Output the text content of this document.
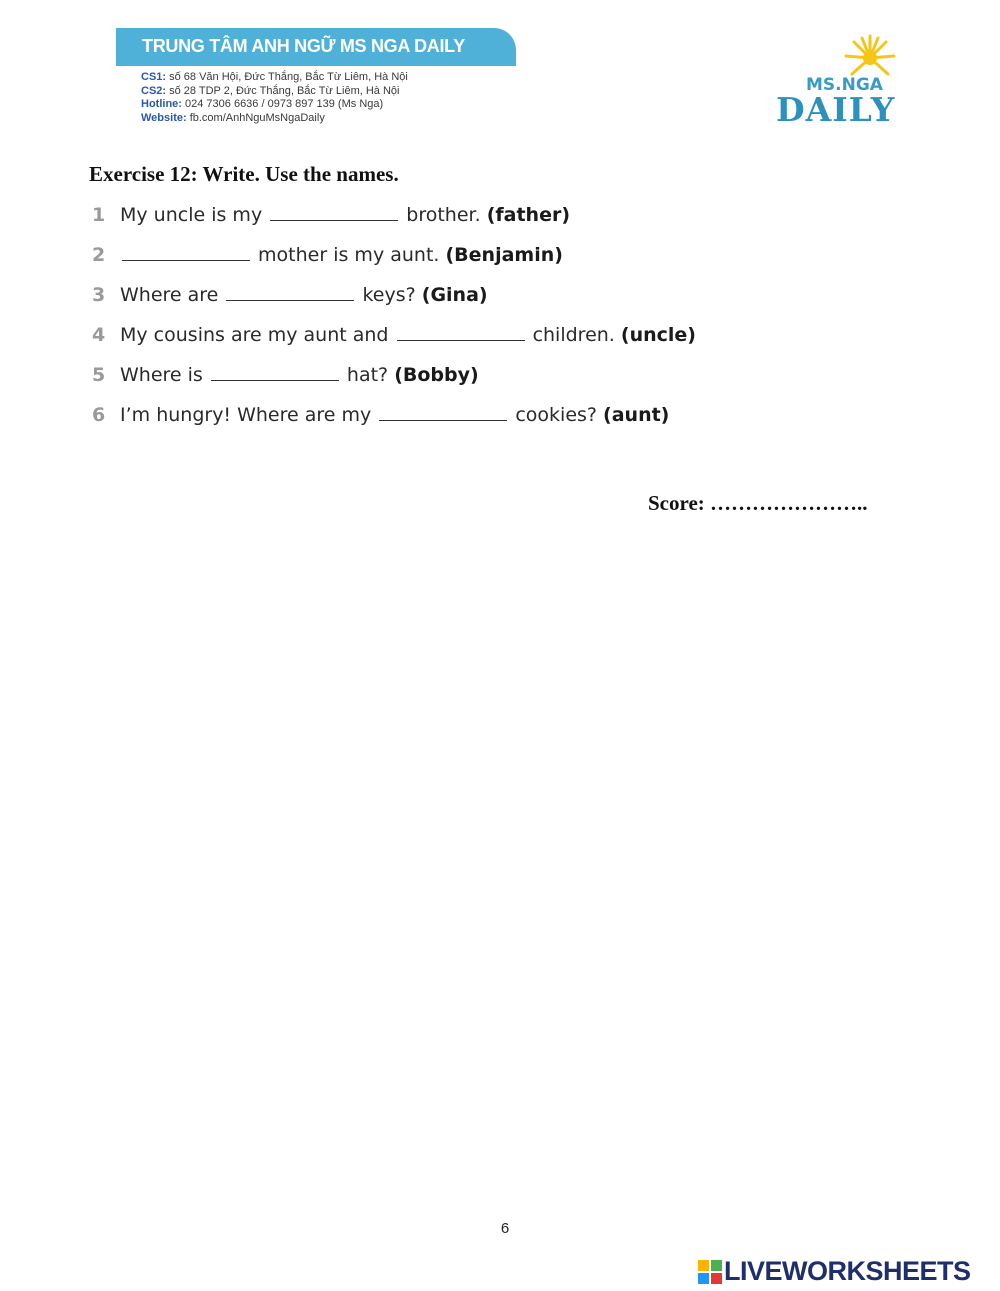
TRUNG TÂM ANH NGỮ MS NGA DAILY
CS1: số 68 Văn Hội, Đức Thắng, Bắc Từ Liêm, Hà Nội
CS2: số 28 TDP 2, Đức Thắng, Bắc Từ Liêm, Hà Nội
Hotline: 024 7306 6636 / 0973 897 139 (Ms Nga)
Website: fb.com/AnhNguMsNgaDaily
MS.NGA
DAILY
Exercise 12: Write. Use the names.
1 My uncle is my	brother. (father)
2	mother is my aunt. (Benjamin)
3 Where are	keys? (Gina)
4 My cousins are my aunt and	children. (uncle)
5 Where is	hat? (Bobby)
6 I’m hungry! Where are my	cookies? (aunt)
Score: …………………..
6
LIVEWORKSHEETS
